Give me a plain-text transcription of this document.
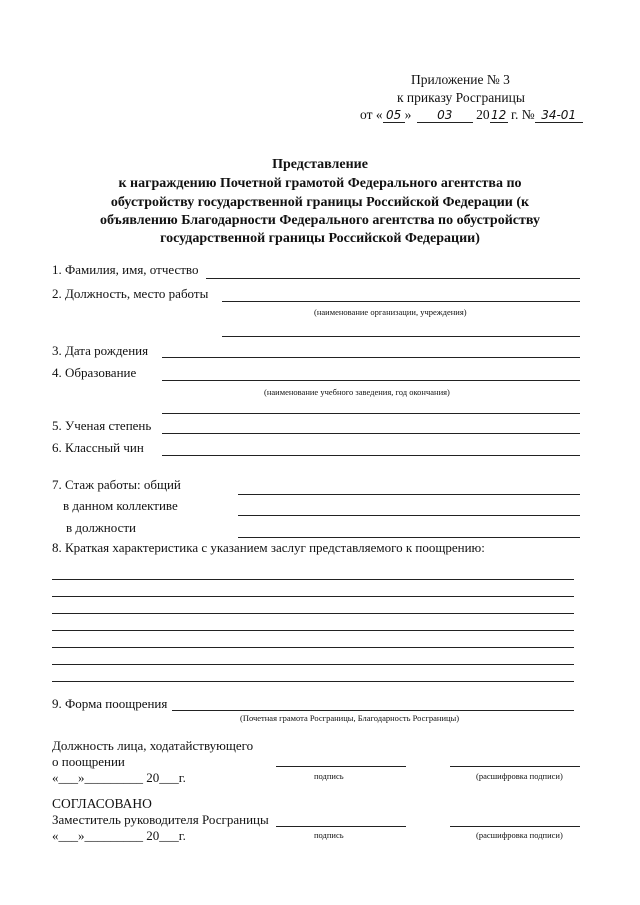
Приложение № 3
к приказу Росграницы
от « 05 » 03 2012 г. № 34-01
Представление
к награждению Почетной грамотой Федерального агентства по
обустройству государственной границы Российской Федерации (к
объявлению Благодарности Федерального агентства по обустройству
государственной границы Российской Федерации)
1. Фамилия, имя, отчество
2. Должность, место работы
(наименование организации, учреждения)
3. Дата рождения
4. Образование
(наименование учебного заведения, год окончания)
5. Ученая степень
6. Классный чин
7. Стаж работы: общий
в данном коллективе
в должности
8. Краткая характеристика с указанием заслуг представляемого к поощрению:
9. Форма поощрения
(Почетная грамота Росграницы, Благодарность Росграницы)
Должность лица, ходатайствующего
о поощрении
«___»_________ 20___г.	подпись	(расшифровка подписи)
СОГЛАСОВАНО
Заместитель руководителя Росграницы
«___»_________ 20___г.	подпись	(расшифровка подписи)
